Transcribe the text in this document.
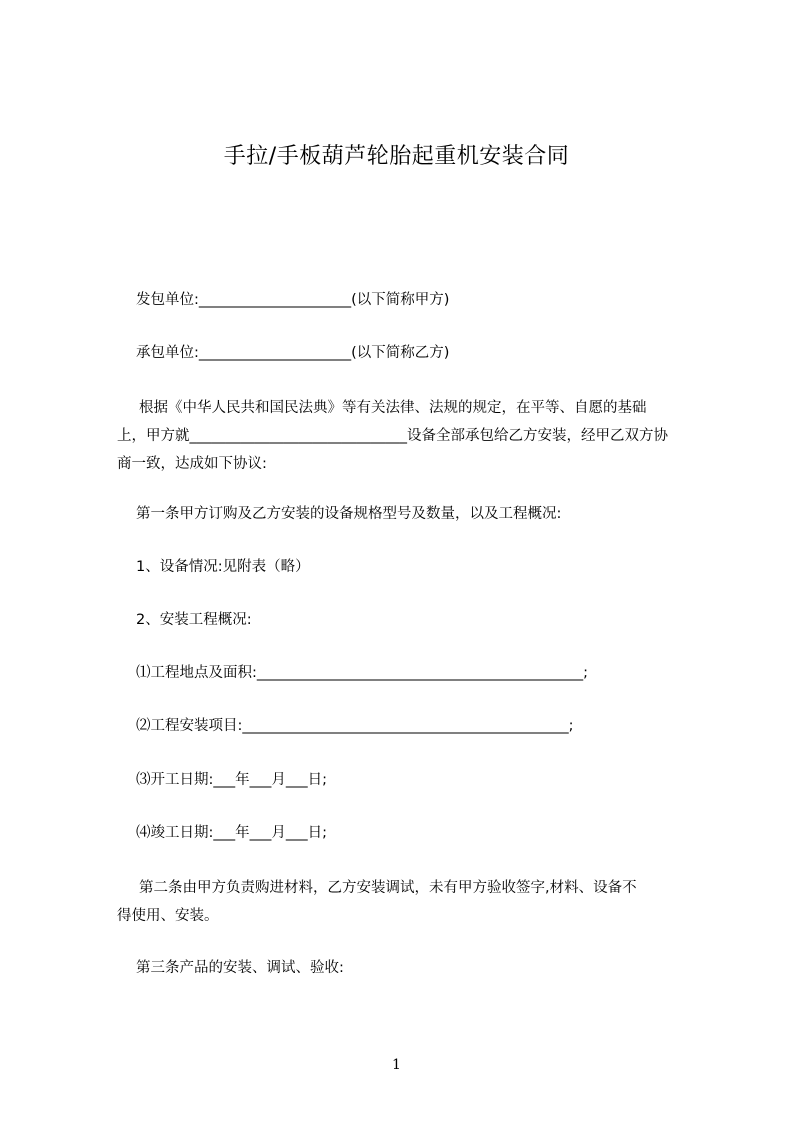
手拉/手板葫芦轮胎起重机安装合同
发包单位:_____________________(以下简称甲方)
承包单位:_____________________(以下简称乙方)
根据《中华人民共和国民法典》等有关法律、法规的规定，在平等、自愿的基础
上，甲方就______________________________设备全部承包给乙方安装，经甲乙双方协
商一致，达成如下协议:
第一条甲方订购及乙方安装的设备规格型号及数量，以及工程概况:
1、设备情况:见附表（略）
2、安装工程概况:
⑴工程地点及面积:_____________________________________________;
⑵工程安装项目:_____________________________________________;
⑶开工日期:___年___月___日;
⑷竣工日期:___年___月___日;
第二条由甲方负责购进材料，乙方安装调试，未有甲方验收签字,材料、设备不
得使用、安装。
第三条产品的安装、调试、验收:
1
